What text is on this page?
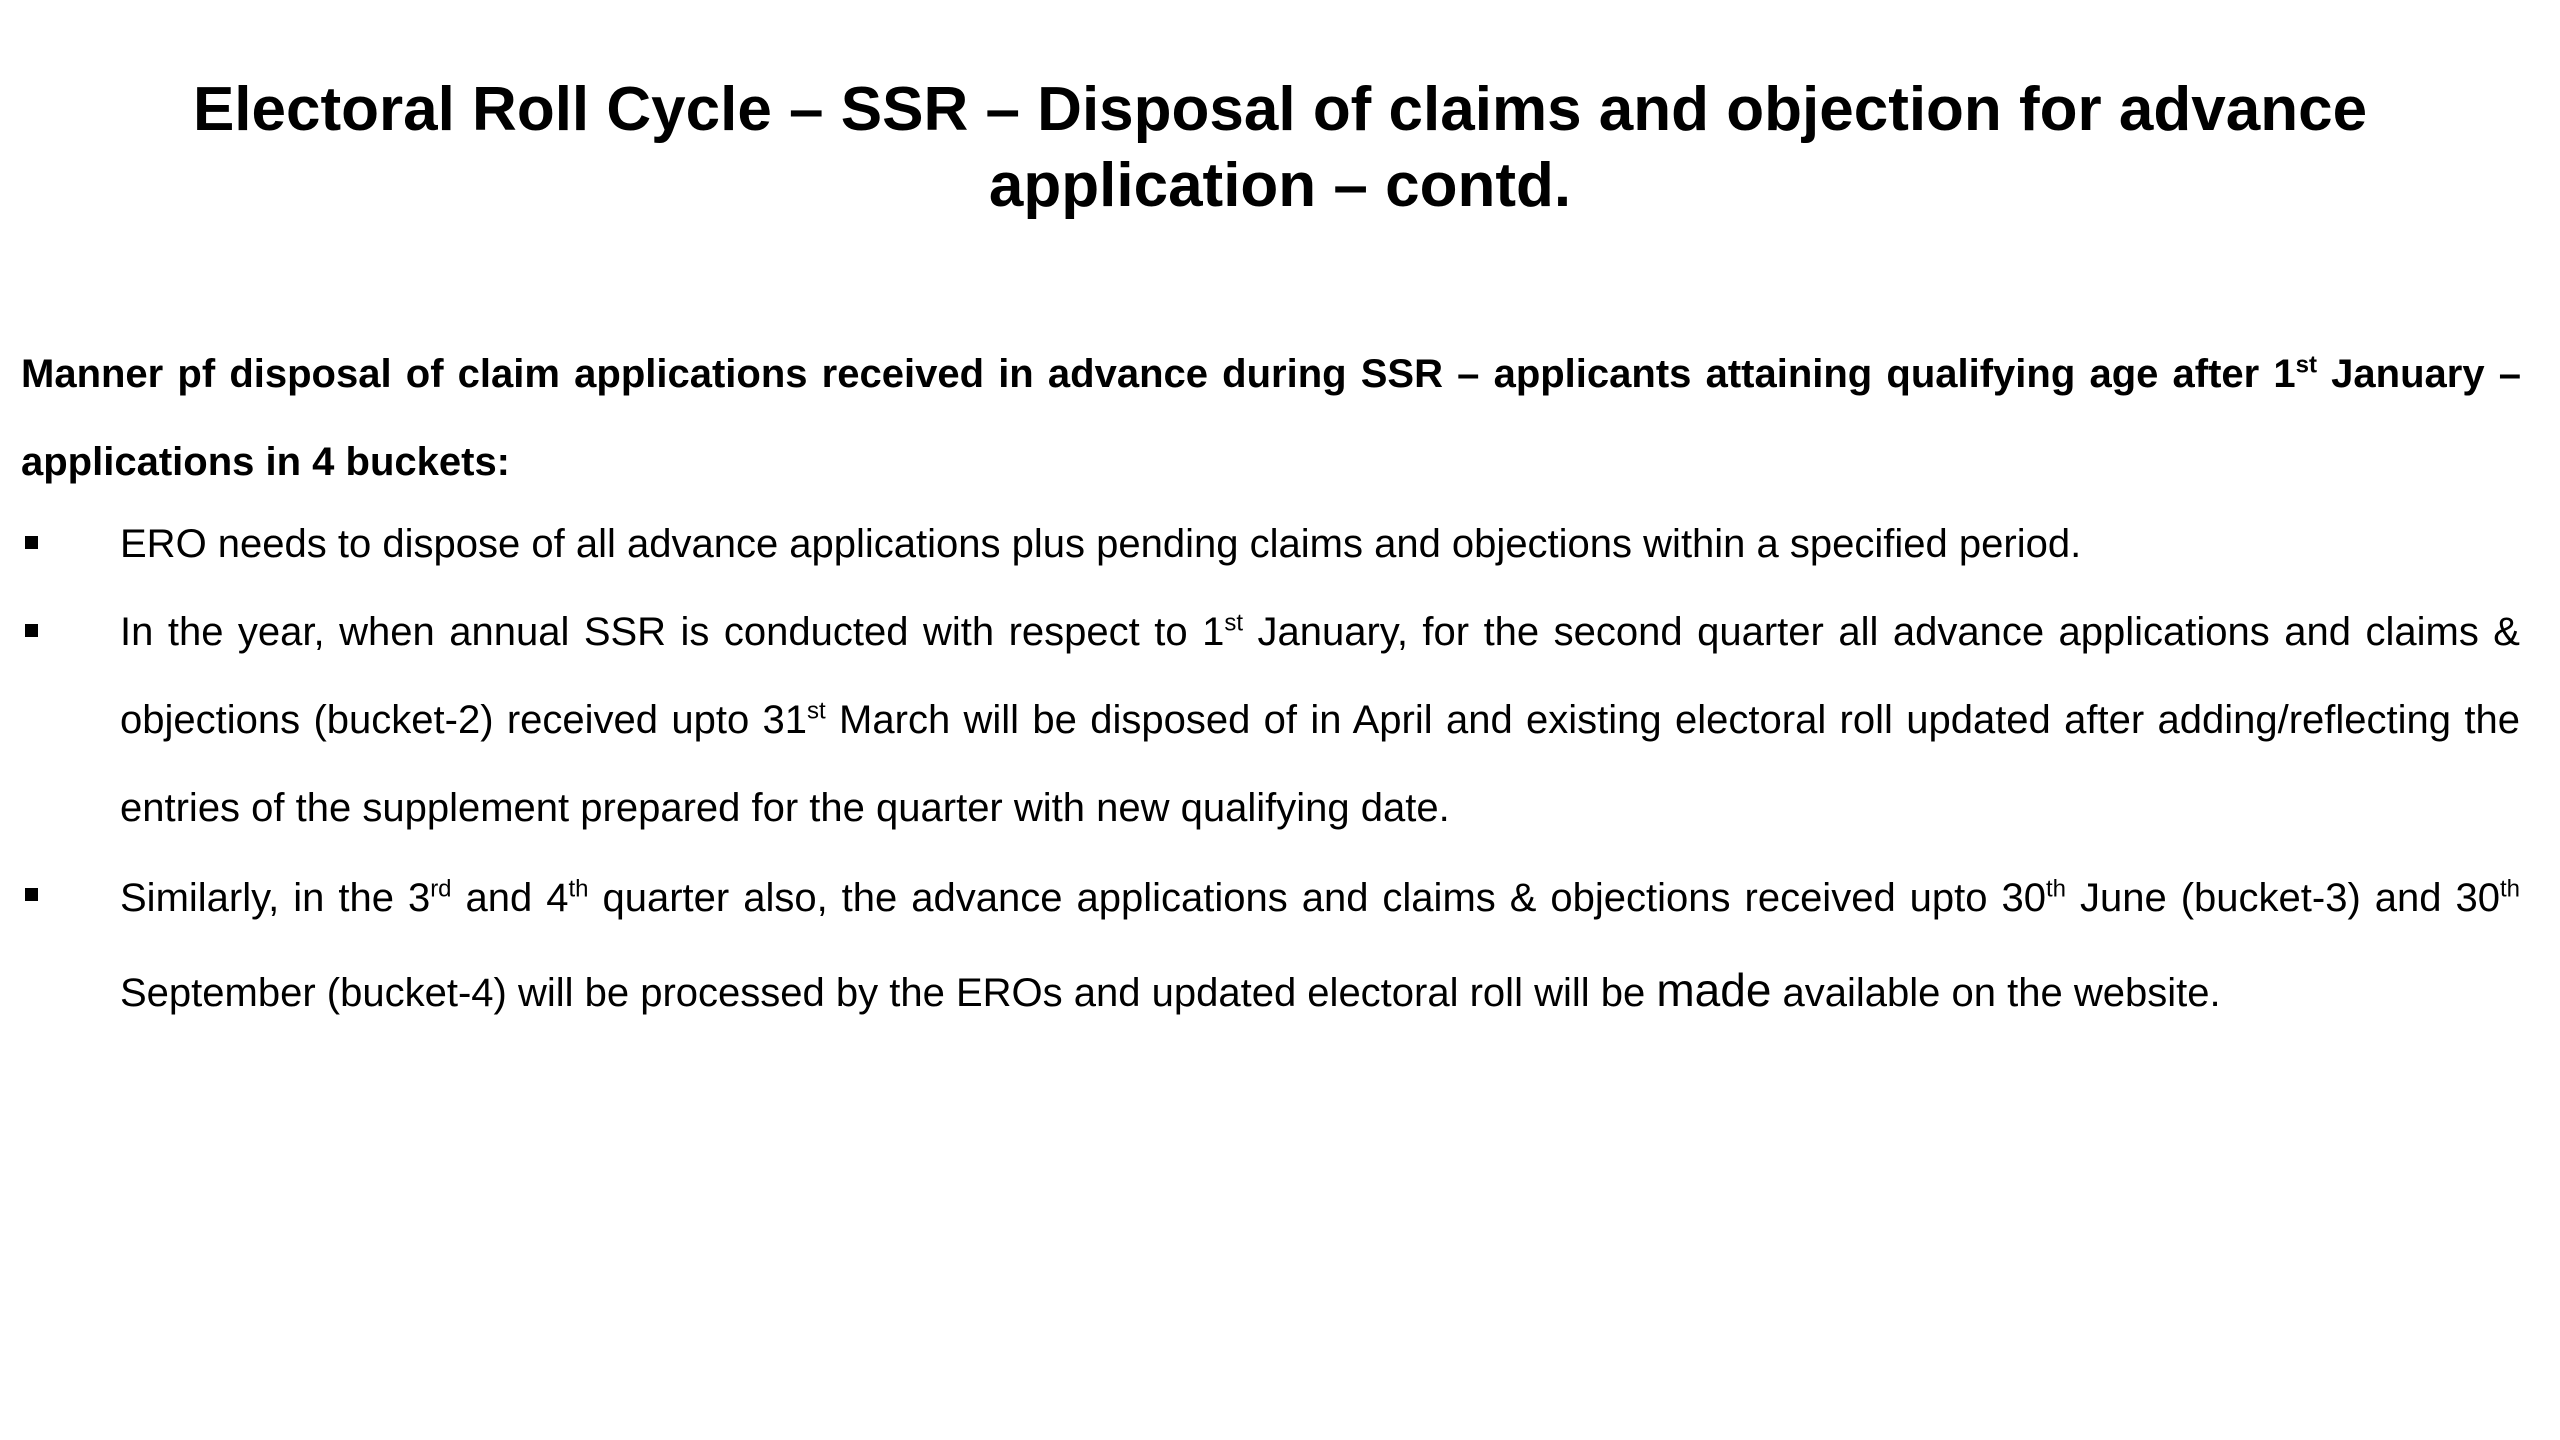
Electoral Roll Cycle – SSR – Disposal of claims and objection for advance
application – contd.

Manner pf disposal of claim applications received in advance during SSR – applicants attaining qualifying age after 1st January – applications in 4 buckets:

ERO needs to dispose of all advance applications plus pending claims and objections within a specified period.
In the year, when annual SSR is conducted with respect to 1st January, for the second quarter all advance applications and claims & objections (bucket-2) received upto 31st March will be disposed of in April and existing electoral roll updated after adding/reflecting the entries of the supplement prepared for the quarter with new qualifying date.
Similarly, in the 3rd and 4th quarter also, the advance applications and claims & objections received upto 30th June (bucket-3) and 30th September (bucket-4) will be processed by the EROs and updated electoral roll will be made available on the website.
